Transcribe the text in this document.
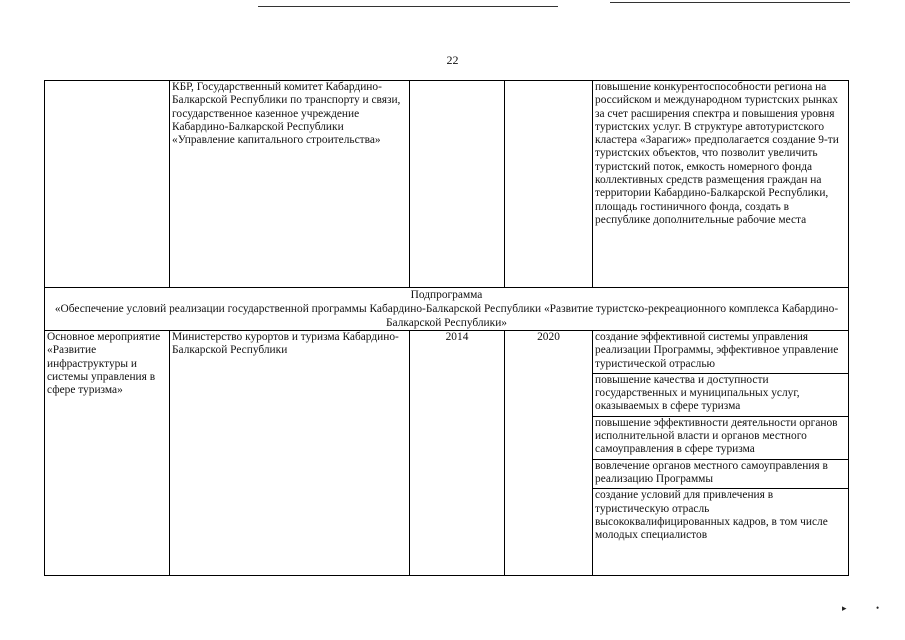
22
	КБР, Государственный комитет Кабардино-Балкарской Республики по транспорту и связи, государственное казенное учреждение Кабардино-Балкарской Республики «Управление капитального строительства»			повышение конкурентоспособности региона на российском и международном туристских рынках за счет расширения спектра и повышения уровня туристских услуг. В структуре автотуристского кластера «Зарагиж» предполагается создание 9-ти туристских объектов, что позволит увеличить туристский поток, емкость номерного фонда коллективных средств размещения граждан на территории Кабардино-Балкарской Республики, площадь гостиничного фонда, создать в республике дополнительные рабочие места

Подпрограмма
«Обеспечение условий реализации государственной программы Кабардино-Балкарской Республики «Развитие туристско-рекреационного комплекса Кабардино-Балкарской Республики»				

Основное мероприятие «Развитие инфраструктуры и системы управления в сфере туризма»	Министерство курортов и туризма Кабардино-Балкарской Республики	2014	2020	создание эффективной системы управления реализации Программы, эффективное управление туристической отраслью
повышение качества и доступности государственных и муниципальных услуг, оказываемых в сфере туризма
повышение эффективности деятельности органов исполнительной власти и органов местного самоуправления в сфере туризма
вовлечение органов местного самоуправления в реализацию Программы
создание условий для привлечения в туристическую отрасль высококвалифицированных кадров, в том числе молодых специалистов
▸	•
